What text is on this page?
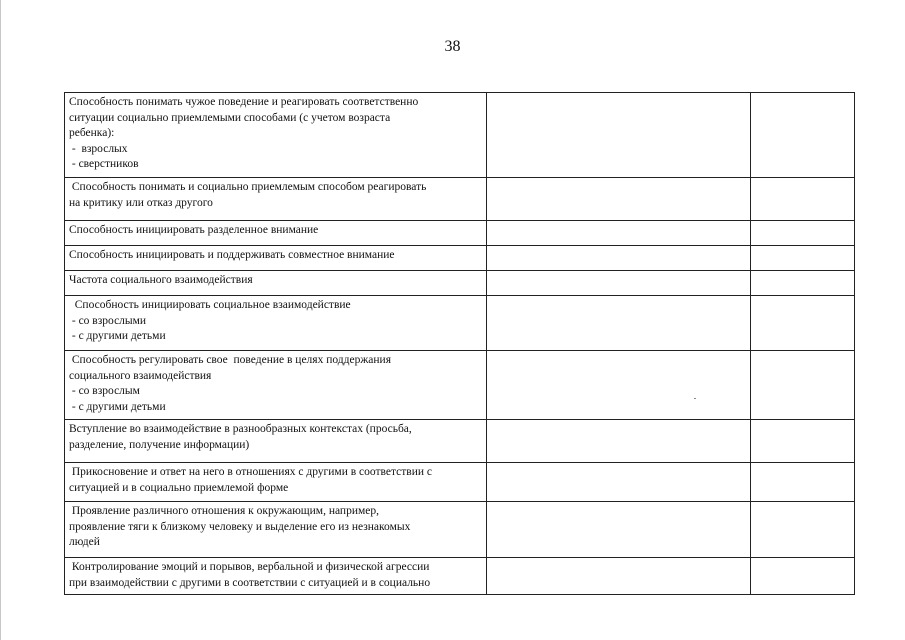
38
Способность понимать чужое поведение и реагировать соответственно
ситуации социально приемлемыми способами (с учетом возраста
ребенка):
-  взрослых
- сверстников		

Способность понимать и социально приемлемым способом реагировать
на критику или отказ другого		

Способность инициировать разделенное внимание		

Способность инициировать и поддерживать совместное внимание		

Частота социального взаимодействия		

Способность инициировать социальное взаимодействие
- со взрослыми
- с другими детьми		

Способность регулировать свое  поведение в целях поддержания
социального взаимодействия
- со взрослым
- с другими детьми		

Вступление во взаимодействие в разнообразных контекстах (просьба,
разделение, получение информации)		

Прикосновение и ответ на него в отношениях с другими в соответствии с
ситуацией и в социально приемлемой форме		

Проявление различного отношения к окружающим, например,
проявление тяги к близкому человеку и выделение его из незнакомых
людей		

Контролирование эмоций и порывов, вербальной и физической агрессии
при взаимодействии с другими в соответствии с ситуацией и в социально		
